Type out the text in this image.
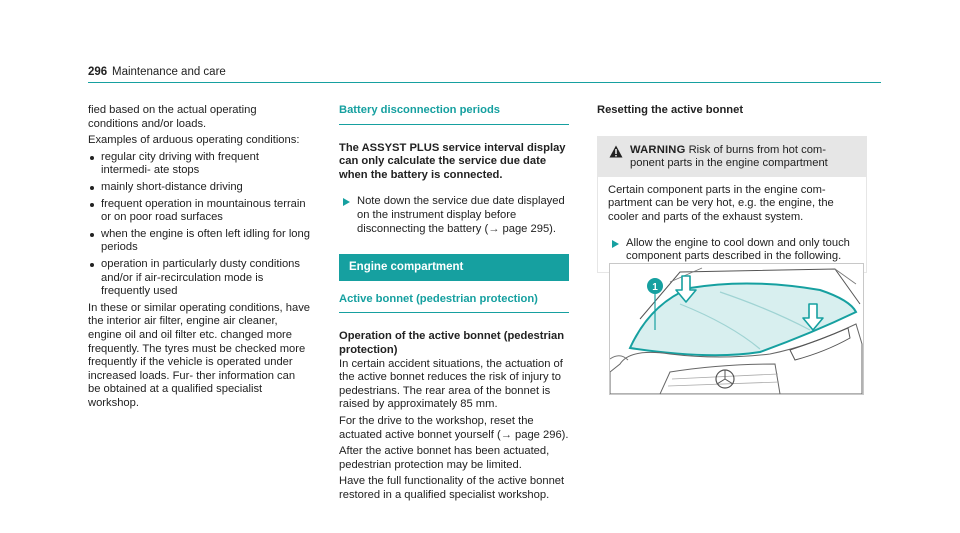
296 Maintenance and care

fied based on the actual operating conditions and/or loads.

Examples of arduous operating conditions:

regular city driving with frequent intermedi- ate stops
mainly short-distance driving
frequent operation in mountainous terrain or on poor road surfaces
when the engine is often left idling for long periods
operation in particularly dusty conditions and/or if air-recirculation mode is frequently used

In these or similar operating conditions, have the interior air filter, engine air cleaner, engine oil and oil filter etc. changed more frequently. The tyres must be checked more frequently if the vehicle is operated under increased loads. Fur- ther information can be obtained at a qualified specialist workshop.

Battery disconnection periods

The ASSYST PLUS service interval display can only calculate the service due date when the battery is connected.

Note down the service due date displayed on the instrument display before disconnecting the battery (→ page 295).
Engine compartment
Active bonnet (pedestrian protection)

Operation of the active bonnet (pedestrian protection)

In certain accident situations, the actuation of the active bonnet reduces the risk of injury to pedestrians. The rear area of the bonnet is raised by approximately 85 mm.

For the drive to the workshop, reset the actuated active bonnet yourself (→ page 296).

After the active bonnet has been actuated, pedestrian protection may be limited.

Have the full functionality of the active bonnet restored in a qualified specialist workshop.

Resetting the active bonnet

WARNING Risk of burns from hot com- ponent parts in the engine compartment

Certain component parts in the engine com- partment can be very hot, e.g. the engine, the cooler and parts of the exhaust system.

Allow the engine to cool down and only touch component parts described in the following.
1
